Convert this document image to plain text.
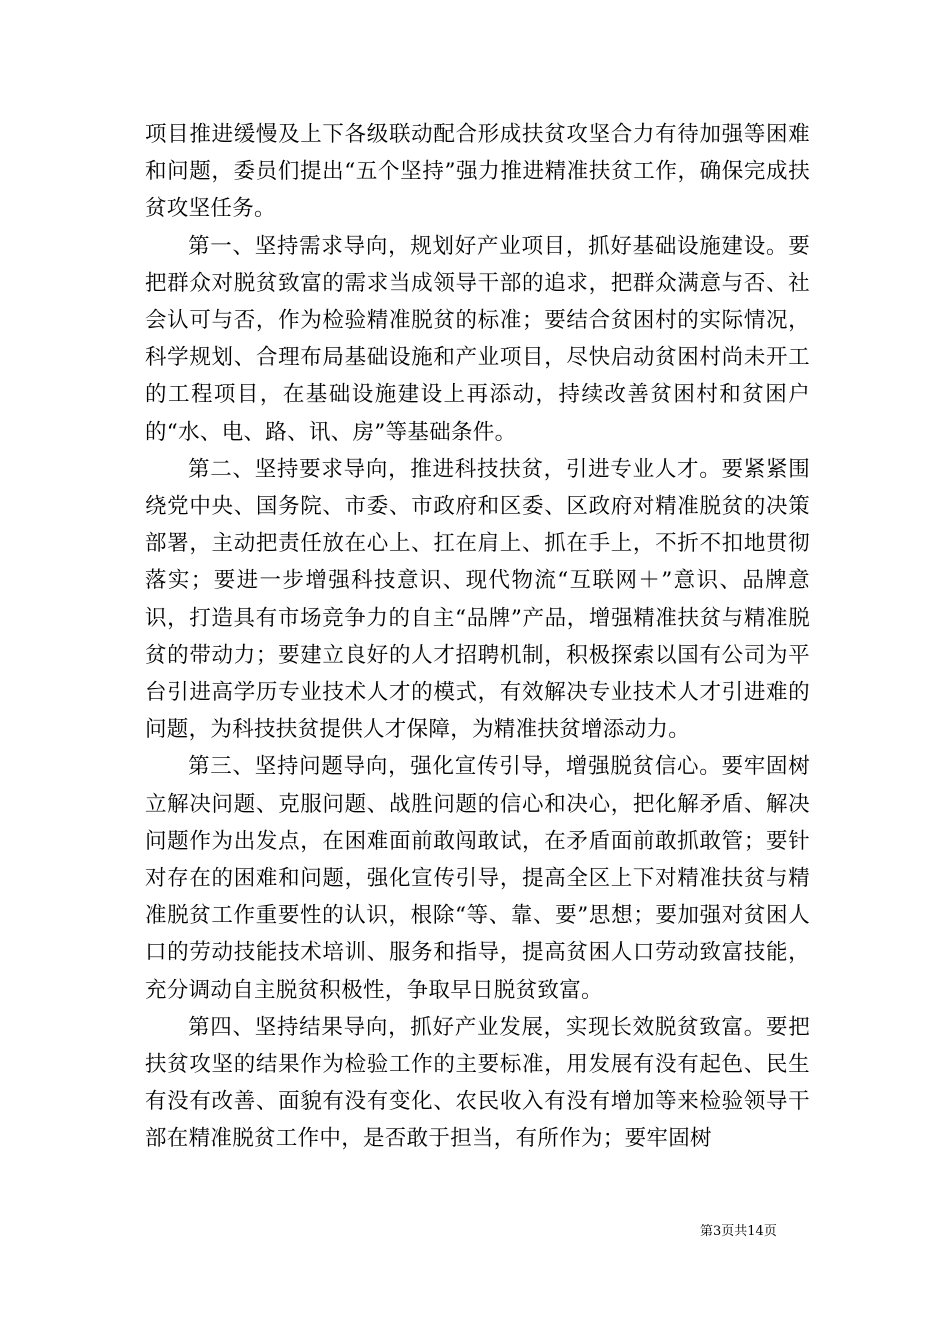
项目推进缓慢及上下各级联动配合形成扶贫攻坚合力有待加强等困难和问题，委员们提出“五个坚持”强力推进精准扶贫工作，确保完成扶贫攻坚任务。

第一、坚持需求导向，规划好产业项目，抓好基础设施建设。要把群众对脱贫致富的需求当成领导干部的追求，把群众满意与否、社会认可与否，作为检验精准脱贫的标准；要结合贫困村的实际情况，科学规划、合理布局基础设施和产业项目，尽快启动贫困村尚未开工的工程项目，在基础设施建设上再添动，持续改善贫困村和贫困户的“水、电、路、讯、房”等基础条件。

第二、坚持要求导向，推进科技扶贫，引进专业人才。要紧紧围绕党中央、国务院、市委、市政府和区委、区政府对精准脱贫的决策部署，主动把责任放在心上、扛在肩上、抓在手上，不折不扣地贯彻落实；要进一步增强科技意识、现代物流“互联网＋”意识、品牌意识，打造具有市场竞争力的自主“品牌”产品，增强精准扶贫与精准脱贫的带动力；要建立良好的人才招聘机制，积极探索以国有公司为平台引进高学历专业技术人才的模式，有效解决专业技术人才引进难的问题，为科技扶贫提供人才保障，为精准扶贫增添动力。

第三、坚持问题导向，强化宣传引导，增强脱贫信心。要牢固树立解决问题、克服问题、战胜问题的信心和决心，把化解矛盾、解决问题作为出发点，在困难面前敢闯敢试，在矛盾面前敢抓敢管；要针对存在的困难和问题，强化宣传引导，提高全区上下对精准扶贫与精准脱贫工作重要性的认识，根除“等、靠、要”思想；要加强对贫困人口的劳动技能技术培训、服务和指导，提高贫困人口劳动致富技能，充分调动自主脱贫积极性，争取早日脱贫致富。

第四、坚持结果导向，抓好产业发展，实现长效脱贫致富。要把扶贫攻坚的结果作为检验工作的主要标准，用发展有没有起色、民生有没有改善、面貌有没有变化、农民收入有没有增加等来检验领导干部在精准脱贫工作中，是否敢于担当，有所作为；要牢固树

第3页共14页
